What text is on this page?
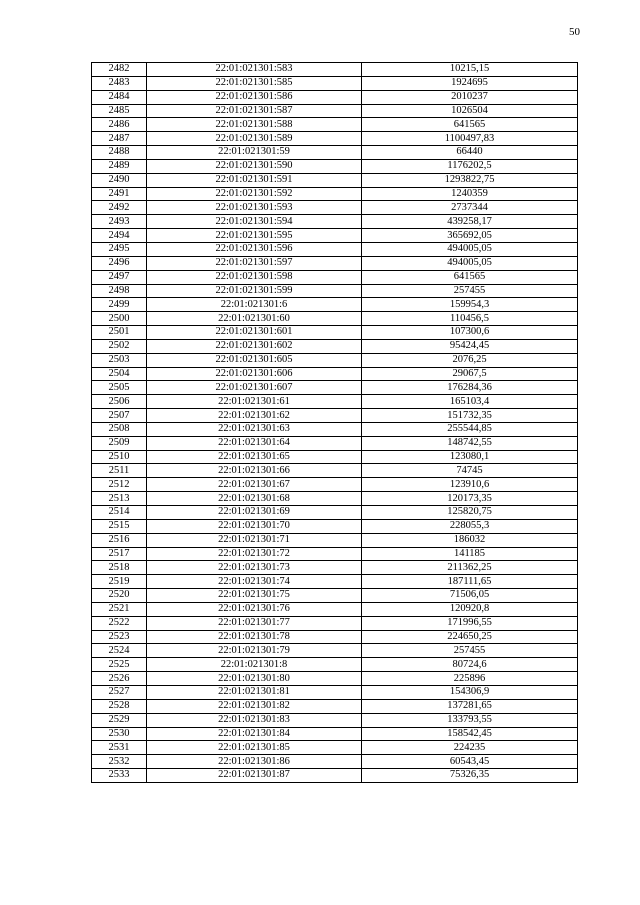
50
2482	22:01:021301:583	10215,15
2483	22:01:021301:585	1924695
2484	22:01:021301:586	2010237
2485	22:01:021301:587	1026504
2486	22:01:021301:588	641565
2487	22:01:021301:589	1100497,83
2488	22:01:021301:59	66440
2489	22:01:021301:590	1176202,5
2490	22:01:021301:591	1293822,75
2491	22:01:021301:592	1240359
2492	22:01:021301:593	2737344
2493	22:01:021301:594	439258,17
2494	22:01:021301:595	365692,05
2495	22:01:021301:596	494005,05
2496	22:01:021301:597	494005,05
2497	22:01:021301:598	641565
2498	22:01:021301:599	257455
2499	22:01:021301:6	159954,3
2500	22:01:021301:60	110456,5
2501	22:01:021301:601	107300,6
2502	22:01:021301:602	95424,45
2503	22:01:021301:605	2076,25
2504	22:01:021301:606	29067,5
2505	22:01:021301:607	176284,36
2506	22:01:021301:61	165103,4
2507	22:01:021301:62	151732,35
2508	22:01:021301:63	255544,85
2509	22:01:021301:64	148742,55
2510	22:01:021301:65	123080,1
2511	22:01:021301:66	74745
2512	22:01:021301:67	123910,6
2513	22:01:021301:68	120173,35
2514	22:01:021301:69	125820,75
2515	22:01:021301:70	228055,3
2516	22:01:021301:71	186032
2517	22:01:021301:72	141185
2518	22:01:021301:73	211362,25
2519	22:01:021301:74	187111,65
2520	22:01:021301:75	71506,05
2521	22:01:021301:76	120920,8
2522	22:01:021301:77	171996,55
2523	22:01:021301:78	224650,25
2524	22:01:021301:79	257455
2525	22:01:021301:8	80724,6
2526	22:01:021301:80	225896
2527	22:01:021301:81	154306,9
2528	22:01:021301:82	137281,65
2529	22:01:021301:83	133793,55
2530	22:01:021301:84	158542,45
2531	22:01:021301:85	224235
2532	22:01:021301:86	60543,45
2533	22:01:021301:87	75326,35
